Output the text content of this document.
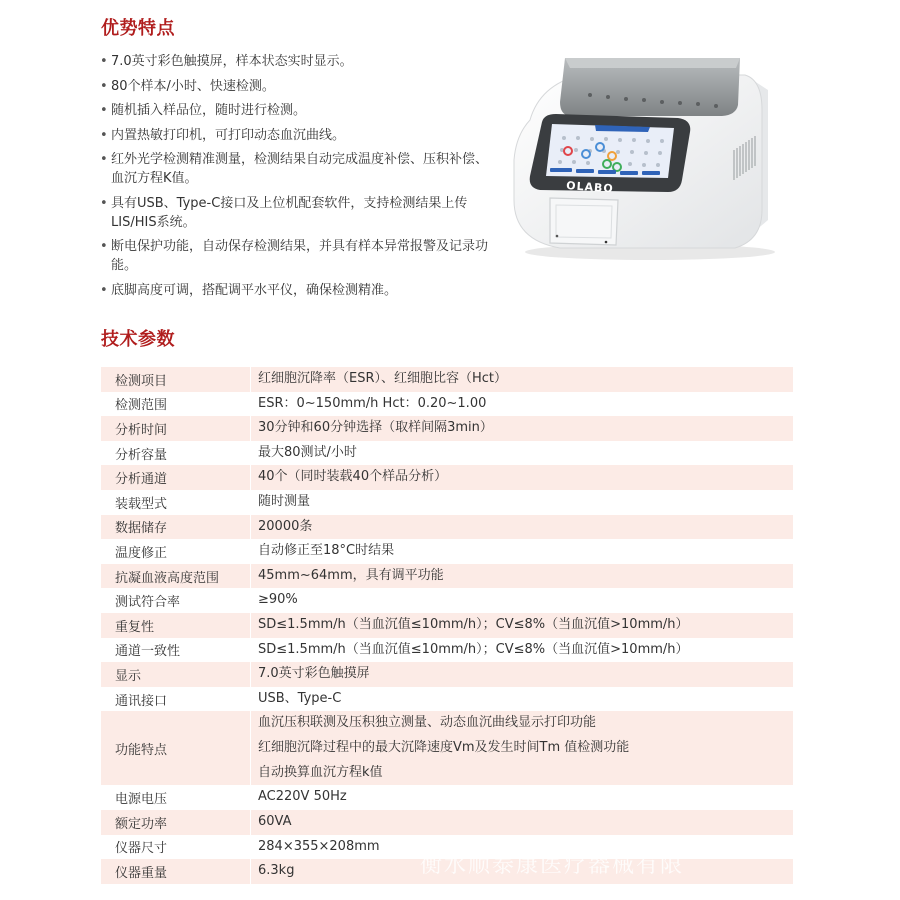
优势特点
• 7.0英寸彩色触摸屏，样本状态实时显示。
• 80个样本/小时、快速检测。
• 随机插入样品位，随时进行检测。
• 内置热敏打印机，可打印动态血沉曲线。
• 红外光学检测精准测量，检测结果自动完成温度补偿、压积补偿、血沉方程K值。
• 具有USB、Type-C接口及上位机配套软件，支持检测结果上传LIS/HIS系统。
• 断电保护功能，自动保存检测结果，并具有样本异常报警及记录功能。
• 底脚高度可调，搭配调平水平仪，确保检测精准。
OLABO
技术参数
检测项目	红细胞沉降率（ESR）、红细胞比容（Hct）
检测范围	ESR：0~150mm/h Hct：0.20~1.00
分析时间	30分钟和60分钟选择（取样间隔3min）
分析容量	最大80测试/小时
分析通道	40个（同时装载40个样品分析）
装载型式	随时测量
数据储存	20000条
温度修正	自动修正至18°C时结果
抗凝血液高度范围	45mm~64mm，具有调平功能
测试符合率	≥90%
重复性	SD≤1.5mm/h（当血沉值≤10mm/h）；CV≤8%（当血沉值>10mm/h）
通道一致性	SD≤1.5mm/h（当血沉值≤10mm/h）；CV≤8%（当血沉值>10mm/h）
显示	7.0英寸彩色触摸屏
通讯接口	USB、Type-C
功能特点
血沉压积联测及压积独立测量、动态血沉曲线显示打印功能
红细胞沉降过程中的最大沉降速度Vm及发生时间Tm 值检测功能
自动换算血沉方程k值
电源电压	AC220V 50Hz
额定功率	60VA
仪器尺寸	284×355×208mm
仪器重量	6.3kg	衡水顺泰康医疗器械有限
